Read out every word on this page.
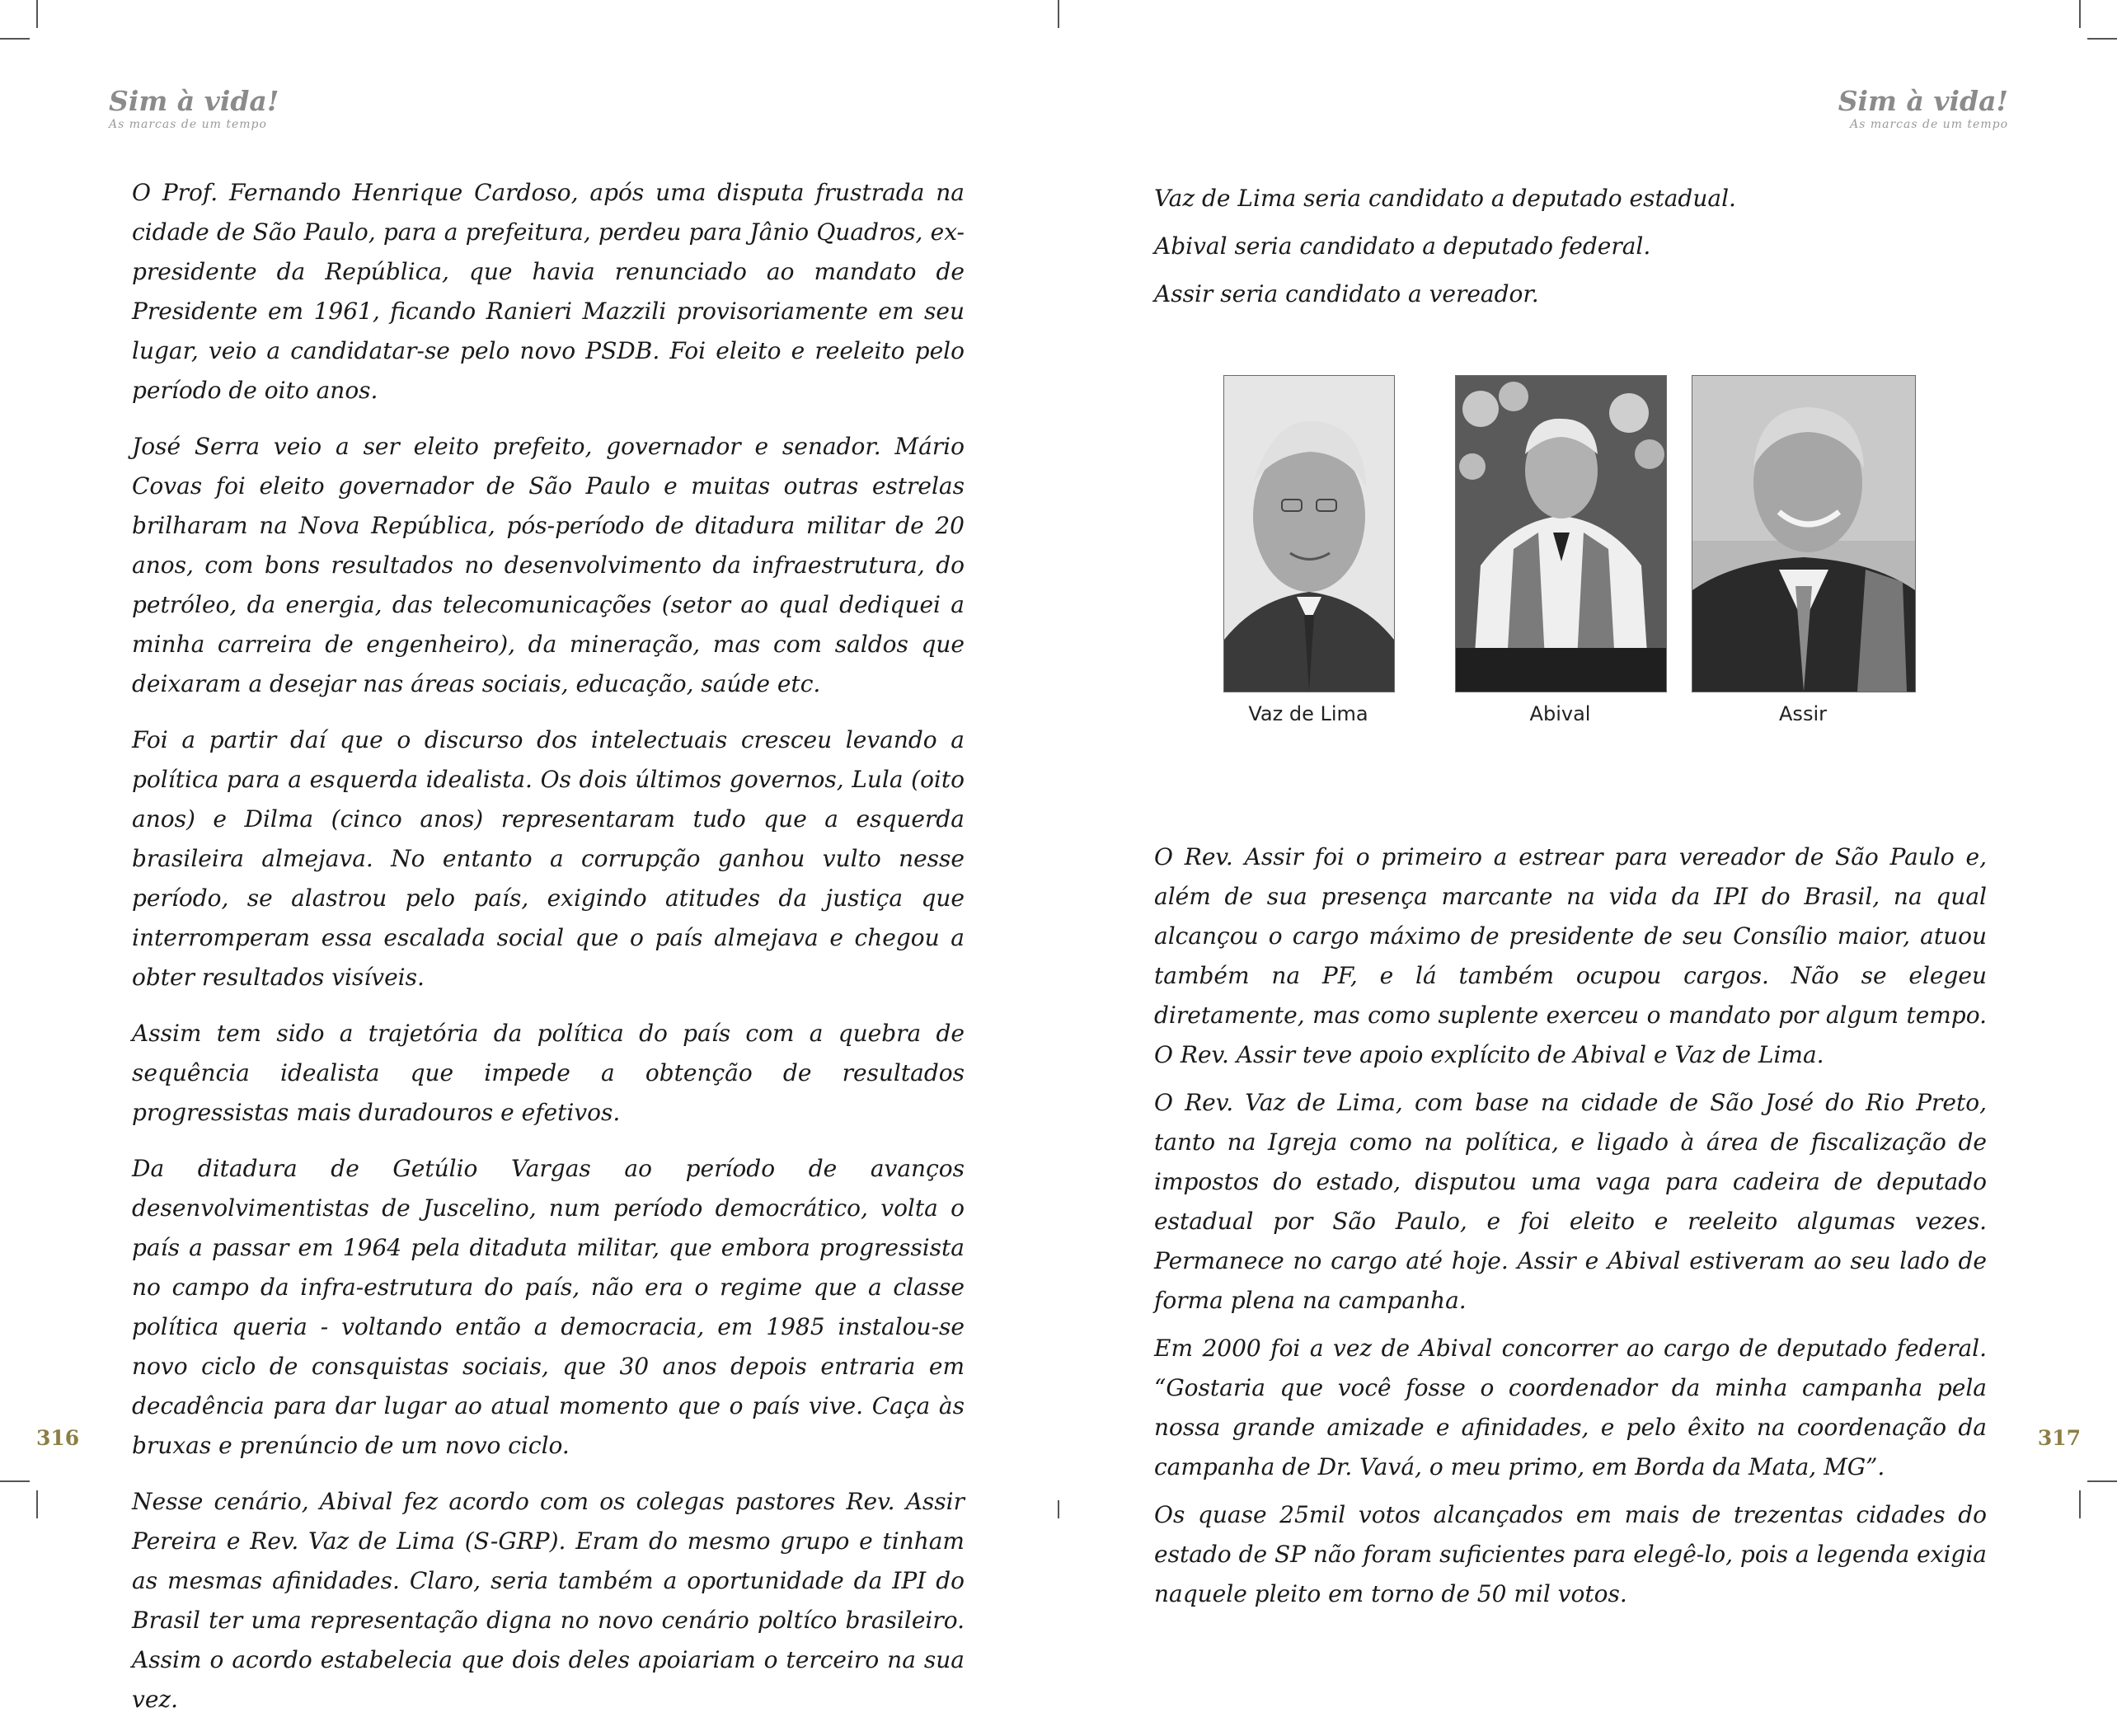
Sim à vida!
As marcas de um tempo

O Prof. Fernando Henrique Cardoso, após uma disputa frustrada na cidade de São Paulo, para a prefeitura, perdeu para Jânio Quadros, ex-presidente da República, que havia renunciado ao mandato de Presidente em 1961, ficando Ranieri Mazzili provisoriamente em seu lugar, veio a candidatar-se pelo novo PSDB. Foi eleito e reeleito pelo período de oito anos.

José Serra veio a ser eleito prefeito, governador e senador. Mário Covas foi eleito governador de São Paulo e muitas outras estrelas brilharam na Nova República, pós-período de ditadura militar de 20 anos, com bons resultados no desenvolvimento da infraestrutura, do petróleo, da energia, das telecomunicações (setor ao qual dediquei a minha carreira de engenheiro), da mineração, mas com saldos que deixaram a desejar nas áreas sociais, educação, saúde etc.

Foi a partir daí que o discurso dos intelectuais cresceu levando a política para a esquerda idealista. Os dois últimos governos, Lula (oito anos) e Dilma (cinco anos) representaram tudo que a esquerda brasileira almejava. No entanto a corrupção ganhou vulto nesse período, se alastrou pelo país, exigindo atitudes da justiça que interromperam essa escalada social que o país almejava e chegou a obter resultados visíveis.

Assim tem sido a trajetória da política do país com a quebra de sequência idealista que impede a obtenção de resultados progressistas mais duradouros e efetivos.

Da ditadura de Getúlio Vargas ao período de avanços desenvolvimentistas de Juscelino, num período democrático, volta o país a passar em 1964 pela ditaduta militar, que embora progressista no campo da infra-estrutura do país, não era o regime que a classe política queria - voltando então a democracia, em 1985 instalou-se novo ciclo de consquistas sociais, que 30 anos depois entraria em decadência para dar lugar ao atual momento que o país vive. Caça às bruxas e prenúncio de um novo ciclo.

Nesse cenário, Abival fez acordo com os colegas pastores Rev. Assir Pereira e Rev. Vaz de Lima (S-GRP). Eram do mesmo grupo e tinham as mesmas afinidades. Claro, seria também a oportunidade da IPI do Brasil ter uma representação digna no novo cenário poltíco brasileiro. Assim o acordo estabelecia que dois deles apoiariam o terceiro na sua vez.

316
Sim à vida!
As marcas de um tempo

Vaz de Lima seria candidato a deputado estadual.

Abival seria candidato a deputado federal.

Assir seria candidato a vereador.

Vaz de Lima	Abival	Assir

O Rev. Assir foi o primeiro a estrear para vereador de São Paulo e, além de sua presença marcante na vida da IPI do Brasil, na qual alcançou o cargo máximo de presidente de seu Consílio maior, atuou também na PF, e lá também ocupou cargos. Não se elegeu diretamente, mas como suplente exerceu o mandato por algum tempo. O Rev. Assir teve apoio explícito de Abival e Vaz de Lima.

O Rev. Vaz de Lima, com base na cidade de São José do Rio Preto, tanto na Igreja como na política, e ligado à área de fiscalização de impostos do estado, disputou uma vaga para cadeira de deputado estadual por São Paulo, e foi eleito e reeleito algumas vezes. Permanece no cargo até hoje. Assir e Abival estiveram ao seu lado de forma plena na campanha.

Em 2000 foi a vez de Abival concorrer ao cargo de deputado federal. “Gostaria que você fosse o coordenador da minha campanha pela nossa grande amizade e afinidades, e pelo êxito na coordenação da campanha de Dr. Vavá, o meu primo, em Borda da Mata, MG”.

Os quase 25mil votos alcançados em mais de trezentas cidades do estado de SP não foram suficientes para elegê-lo, pois a legenda exigia naquele pleito em torno de 50 mil votos.

317
